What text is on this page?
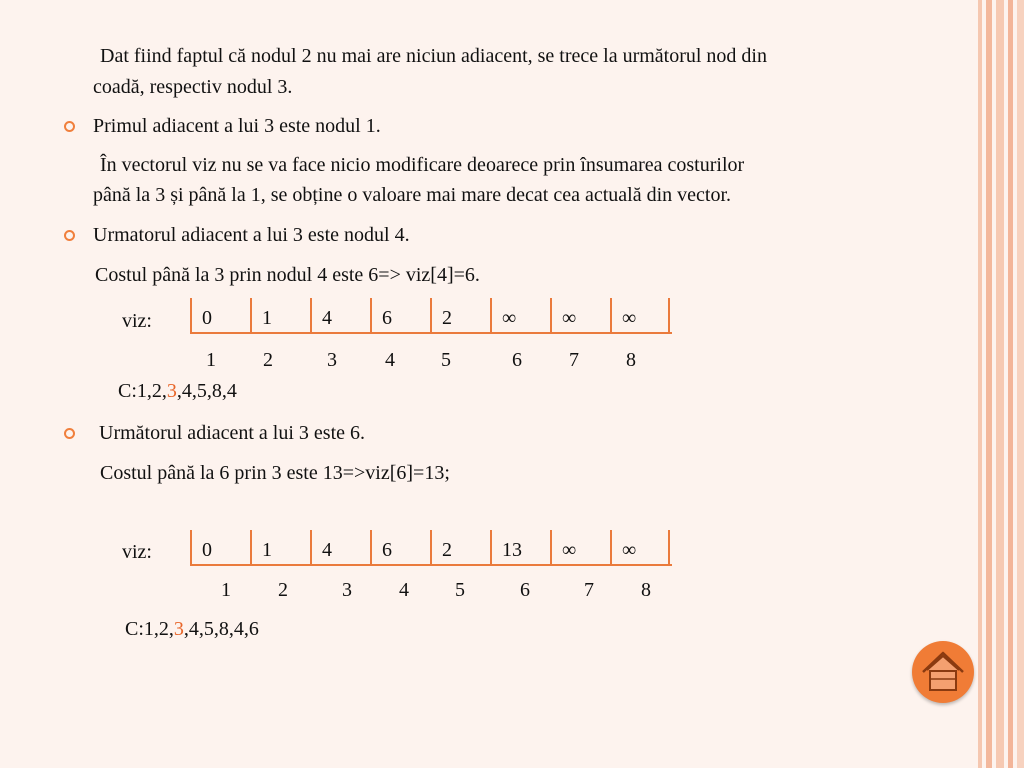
Dat fiind faptul că nodul 2 nu mai are niciun adiacent, se trece la următorul nod din
coadă, respectiv nodul 3.
Primul adiacent a lui 3 este nodul 1.
În vectorul viz nu se va face nicio modificare deoarece prin însumarea costurilor
până la 3 și până la 1, se obține o valoare mai mare decat cea actuală din vector.
Urmatorul adiacent a lui 3 este nodul 4.
Costul până la 3 prin nodul 4 este 6=> viz[4]=6.
viz:	0	1	4	6	2	∞	∞	∞
1	2	3	4	5	6	7	8
C:1,2,3,4,5,8,4
Următorul adiacent a lui 3 este 6.
Costul până la 6 prin 3 este 13=>viz[6]=13;
viz:	0	1	4	6	2	13	∞	∞
1	2	3	4	5	6	7	8
C:1,2,3,4,5,8,4,6
